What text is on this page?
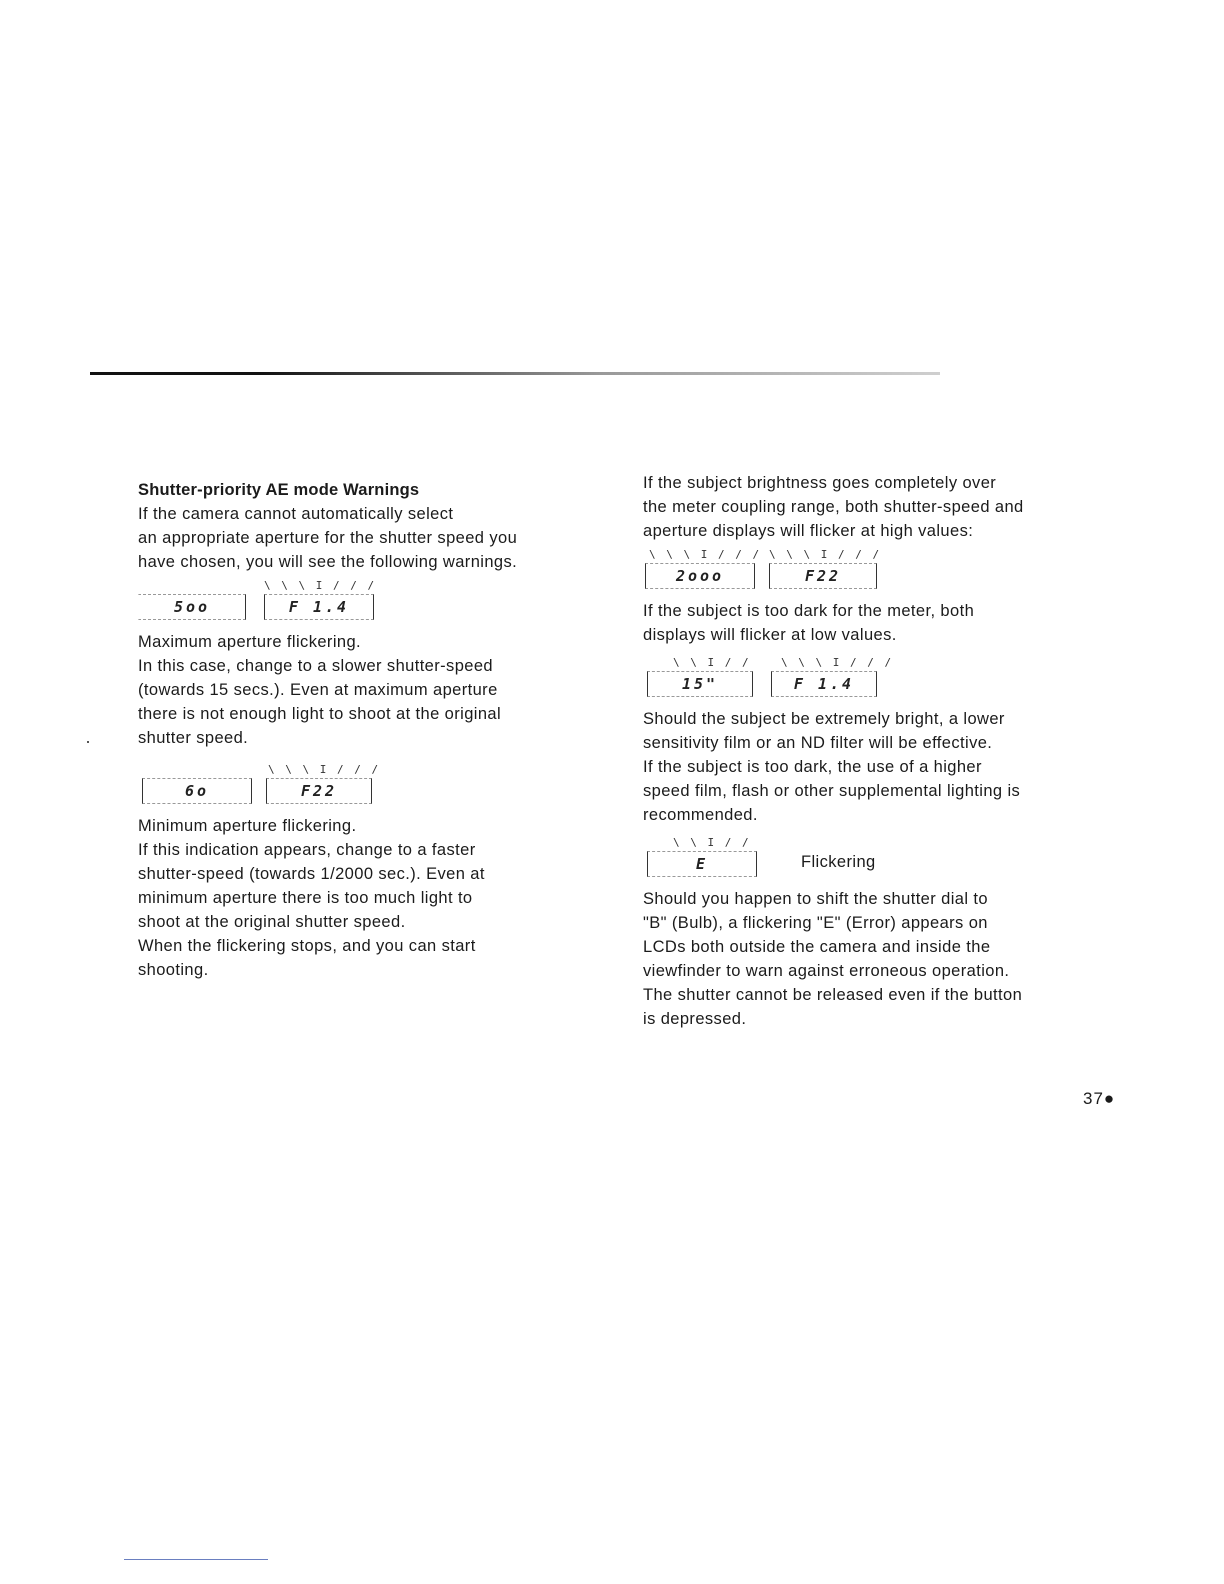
Shutter-priority AE mode Warnings
If the camera cannot automatically select
an appropriate aperture for the shutter speed you
have chosen, you will see the following warnings.
\ \ \ I / / /
5oo	F 1.4
Maximum aperture flickering.
In this case, change to a slower shutter-speed
(towards 15 secs.). Even at maximum aperture
there is not enough light to shoot at the original
shutter speed.
\ \ \ I / / /
6o	F22
Minimum aperture flickering.
If this indication appears, change to a faster
shutter-speed (towards 1/2000 sec.). Even at
minimum aperture there is too much light to
shoot at the original shutter speed.
When the flickering stops, and you can start
shooting.
If the subject brightness goes completely over
the meter coupling range, both shutter-speed and
aperture displays will flicker at high values:
\ \ \ I / / / \ \ \ I / / /
2ooo	F22
If the subject is too dark for the meter, both
displays will flicker at low values.
\ \ I / /	\ \ \ I / / /
15"	F 1.4
Should the subject be extremely bright, a lower
sensitivity film or an ND filter will be effective.
If the subject is too dark, the use of a higher
speed film, flash or other supplemental lighting is
recommended.
\ \ I / /
E	Flickering
Should you happen to shift the shutter dial to
"B" (Bulb), a flickering "E" (Error) appears on
LCDs both outside the camera and inside the
viewfinder to warn against erroneous operation.
The shutter cannot be released even if the button
is depressed.
37●
